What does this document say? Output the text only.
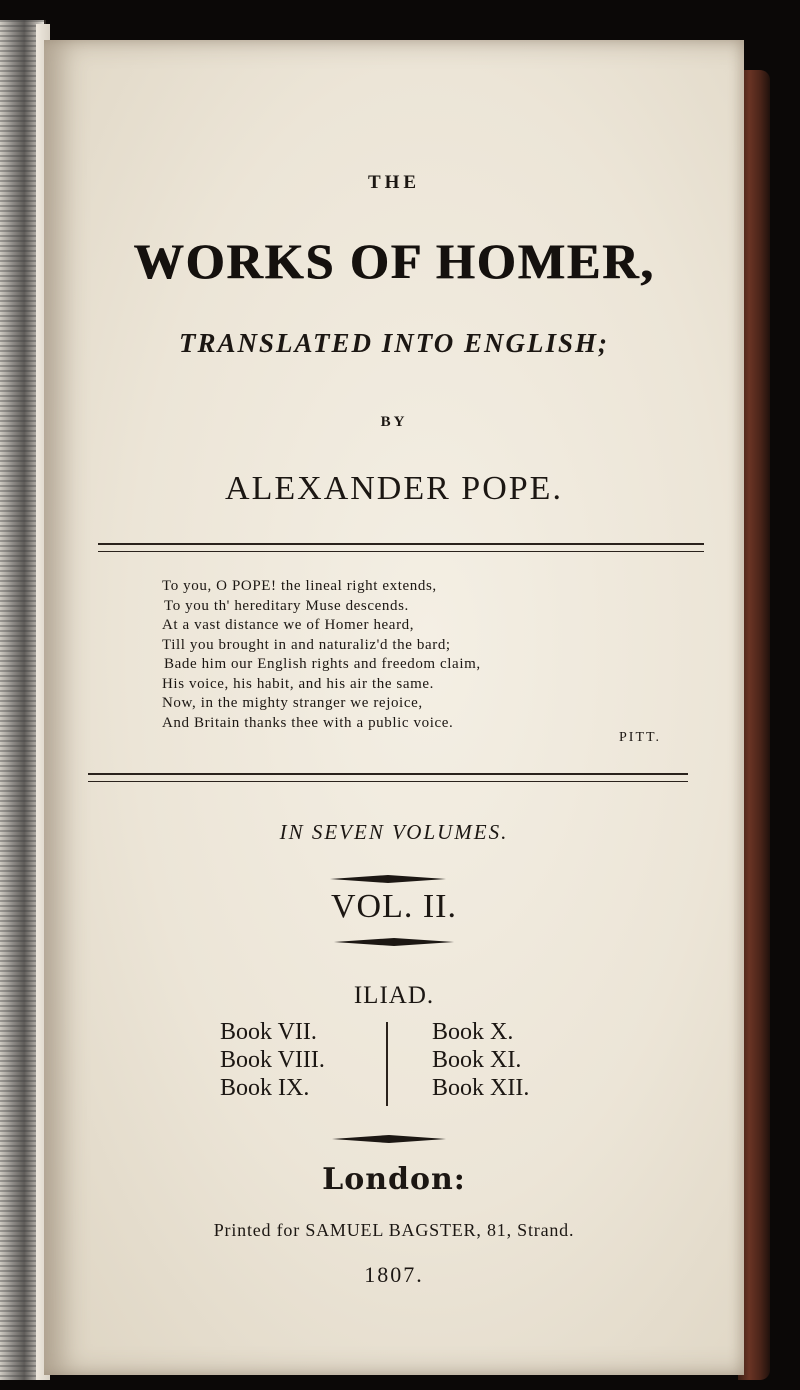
THE
WORKS OF HOMER,
TRANSLATED INTO ENGLISH;
BY
ALEXANDER POPE.
To you, O POPE! the lineal right extends,
To you th' hereditary Muse descends.
At a vast distance we of Homer heard,
Till you brought in and naturaliz'd the bard;
Bade him our English rights and freedom claim,
His voice, his habit, and his air the same.
Now, in the mighty stranger we rejoice,
And Britain thanks thee with a public voice.
PITT.
IN SEVEN VOLUMES.
VOL. II.
ILIAD.
Book VII.
Book VIII.
Book IX.
Book X.
Book XI.
Book XII.
London:
Printed for SAMUEL BAGSTER, 81, Strand.
1807.
